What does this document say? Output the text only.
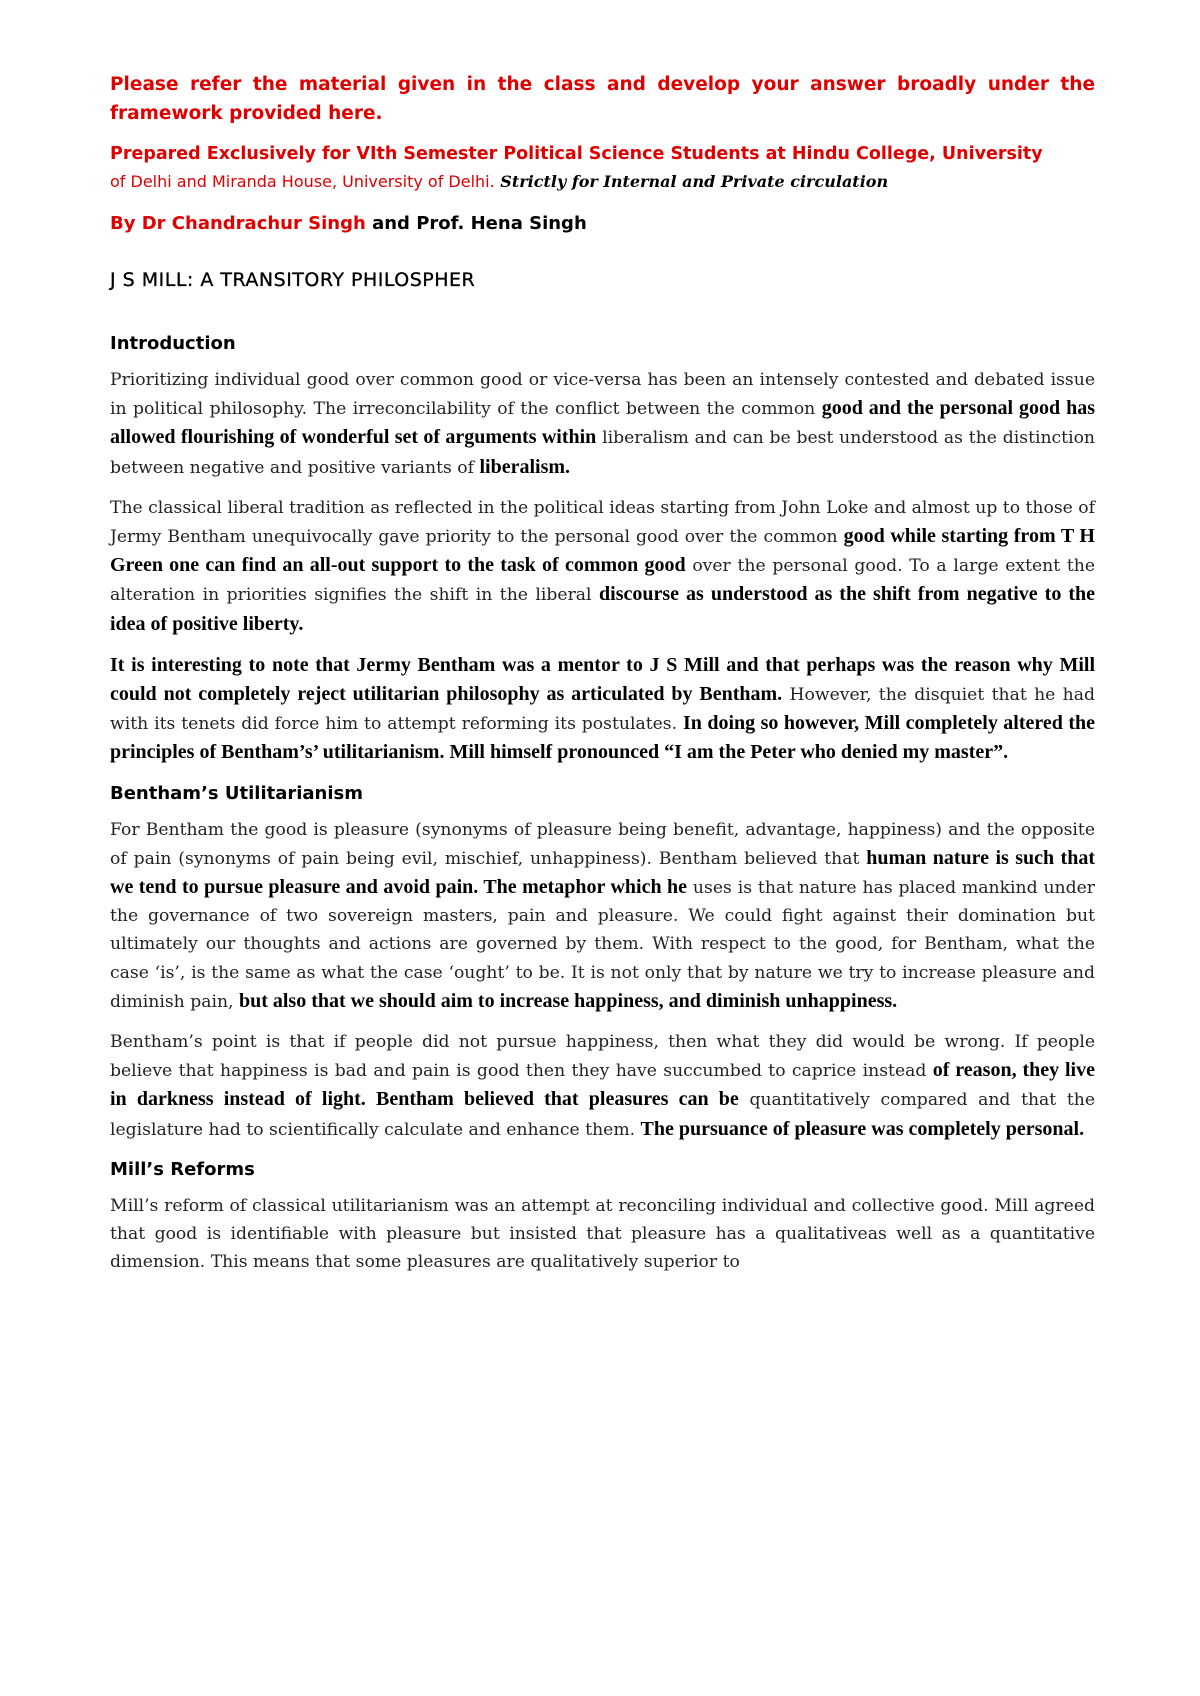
Please refer the material given in the class and develop your answer broadly under the framework provided here.

Prepared Exclusively for VIth Semester Political Science Students at Hindu College, University
of Delhi and Miranda House, University of Delhi. Strictly for Internal and Private circulation
By Dr Chandrachur Singh and Prof. Hena Singh
J S MILL: A TRANSITORY PHILOSPHER
Introduction

Prioritizing individual good over common good or vice-versa has been an intensely contested and debated issue in political philosophy. The irreconcilability of the conflict between the common good and the personal good has allowed flourishing of wonderful set of arguments within liberalism and can be best understood as the distinction between negative and positive variants of liberalism.

The classical liberal tradition as reflected in the political ideas starting from John Loke and almost up to those of Jermy Bentham unequivocally gave priority to the personal good over the common good while starting from T H Green one can find an all-out support to the task of common good over the personal good. To a large extent the alteration in priorities signifies the shift in the liberal discourse as understood as the shift from negative to the idea of positive liberty.

It is interesting to note that Jermy Bentham was a mentor to J S Mill and that perhaps was the reason why Mill could not completely reject utilitarian philosophy as articulated by Bentham. However, the disquiet that he had with its tenets did force him to attempt reforming its postulates. In doing so however, Mill completely altered the principles of Bentham’s’ utilitarianism. Mill himself pronounced “I am the Peter who denied my master”.

Bentham’s Utilitarianism

For Bentham the good is pleasure (synonyms of pleasure being benefit, advantage, happiness) and the opposite of pain (synonyms of pain being evil, mischief, unhappiness). Bentham believed that human nature is such that we tend to pursue pleasure and avoid pain. The metaphor which he uses is that nature has placed mankind under the governance of two sovereign masters, pain and pleasure. We could fight against their domination but ultimately our thoughts and actions are governed by them. With respect to the good, for Bentham, what the case ‘is’, is the same as what the case ‘ought’ to be. It is not only that by nature we try to increase pleasure and diminish pain, but also that we should aim to increase happiness, and diminish unhappiness.

Bentham’s point is that if people did not pursue happiness, then what they did would be wrong. If people believe that happiness is bad and pain is good then they have succumbed to caprice instead of reason, they live in darkness instead of light. Bentham believed that pleasures can be quantitatively compared and that the legislature had to scientifically calculate and enhance them. The pursuance of pleasure was completely personal.

Mill’s Reforms

Mill’s reform of classical utilitarianism was an attempt at reconciling individual and collective good. Mill agreed that good is identifiable with pleasure but insisted that pleasure has a qualitativeas well as a quantitative dimension. This means that some pleasures are qualitatively superior to
